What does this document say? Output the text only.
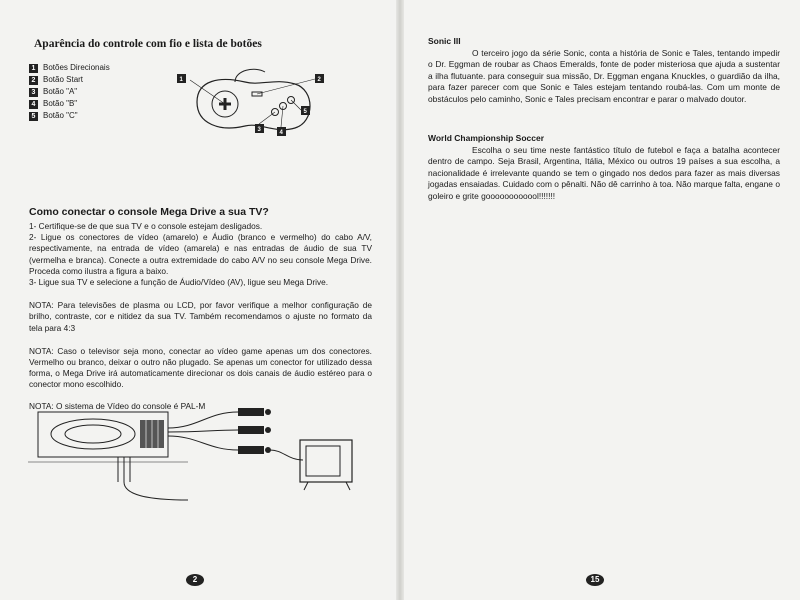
Aparência do controle com fio e lista de botões
1 Botões Direcionais
2 Botão Start
3 Botão "A"
4 Botão "B"
5 Botão "C"
1	2
3	4
5
Como conectar o console Mega Drive a sua TV?

1- Certifique-se de que sua TV e o console estejam desligados.

2- Ligue os conectores de vídeo (amarelo) e Áudio (branco e vermelho) do cabo A/V, respectivamente, na entrada de vídeo (amarela) e nas entradas de áudio de sua TV (vermelha e branca). Conecte a outra extremidade do cabo A/V no seu console Mega Drive. Proceda como ilustra a figura a baixo.

3- Ligue sua TV e selecione a função de Áudio/Vídeo (AV), ligue seu Mega Drive.

NOTA: Para televisões de plasma ou LCD, por favor verifique a melhor configuração de brilho, contraste, cor e nitidez da sua TV. Também recomendamos o ajuste no formato da tela para 4:3

NOTA: Caso o televisor seja mono, conectar ao vídeo game apenas um dos conectores. Vermelho ou branco, deixar o outro não plugado. Se apenas um conector for utilizado dessa forma, o Mega Drive irá automaticamente direcionar os dois canais de áudio estéreo para o conector mono escolhido.

NOTA: O sistema de Vídeo do console é PAL-M

2
Sonic III

O terceiro jogo da série Sonic, conta a história de Sonic e Tales, tentando impedir o Dr. Eggman de roubar as Chaos Emeralds, fonte de poder misteriosa que ajuda a sustentar a ilha flutuante. para conseguir sua missão, Dr. Eggman engana Knuckles, o guardião da ilha, para fazer parecer com que Sonic e Tales estejam tentando roubá-las. Com um monte de obstáculos pelo caminho, Sonic e Tales precisam encontrar e parar o malvado doutor.

World Championship Soccer

Escolha o seu time neste fantástico título de futebol e faça a batalha acontecer dentro de campo. Seja Brasil, Argentina, Itália, México ou outros 19 países a sua escolha, a nacionalidade é irrelevante quando se tem o gingado nos dedos para fazer as mais diversas jogadas ensaiadas. Cuidado com o pênalti. Não dê carrinho à toa. Não marque falta, engane o goleiro e grite goooooooooool!!!!!!!

15
